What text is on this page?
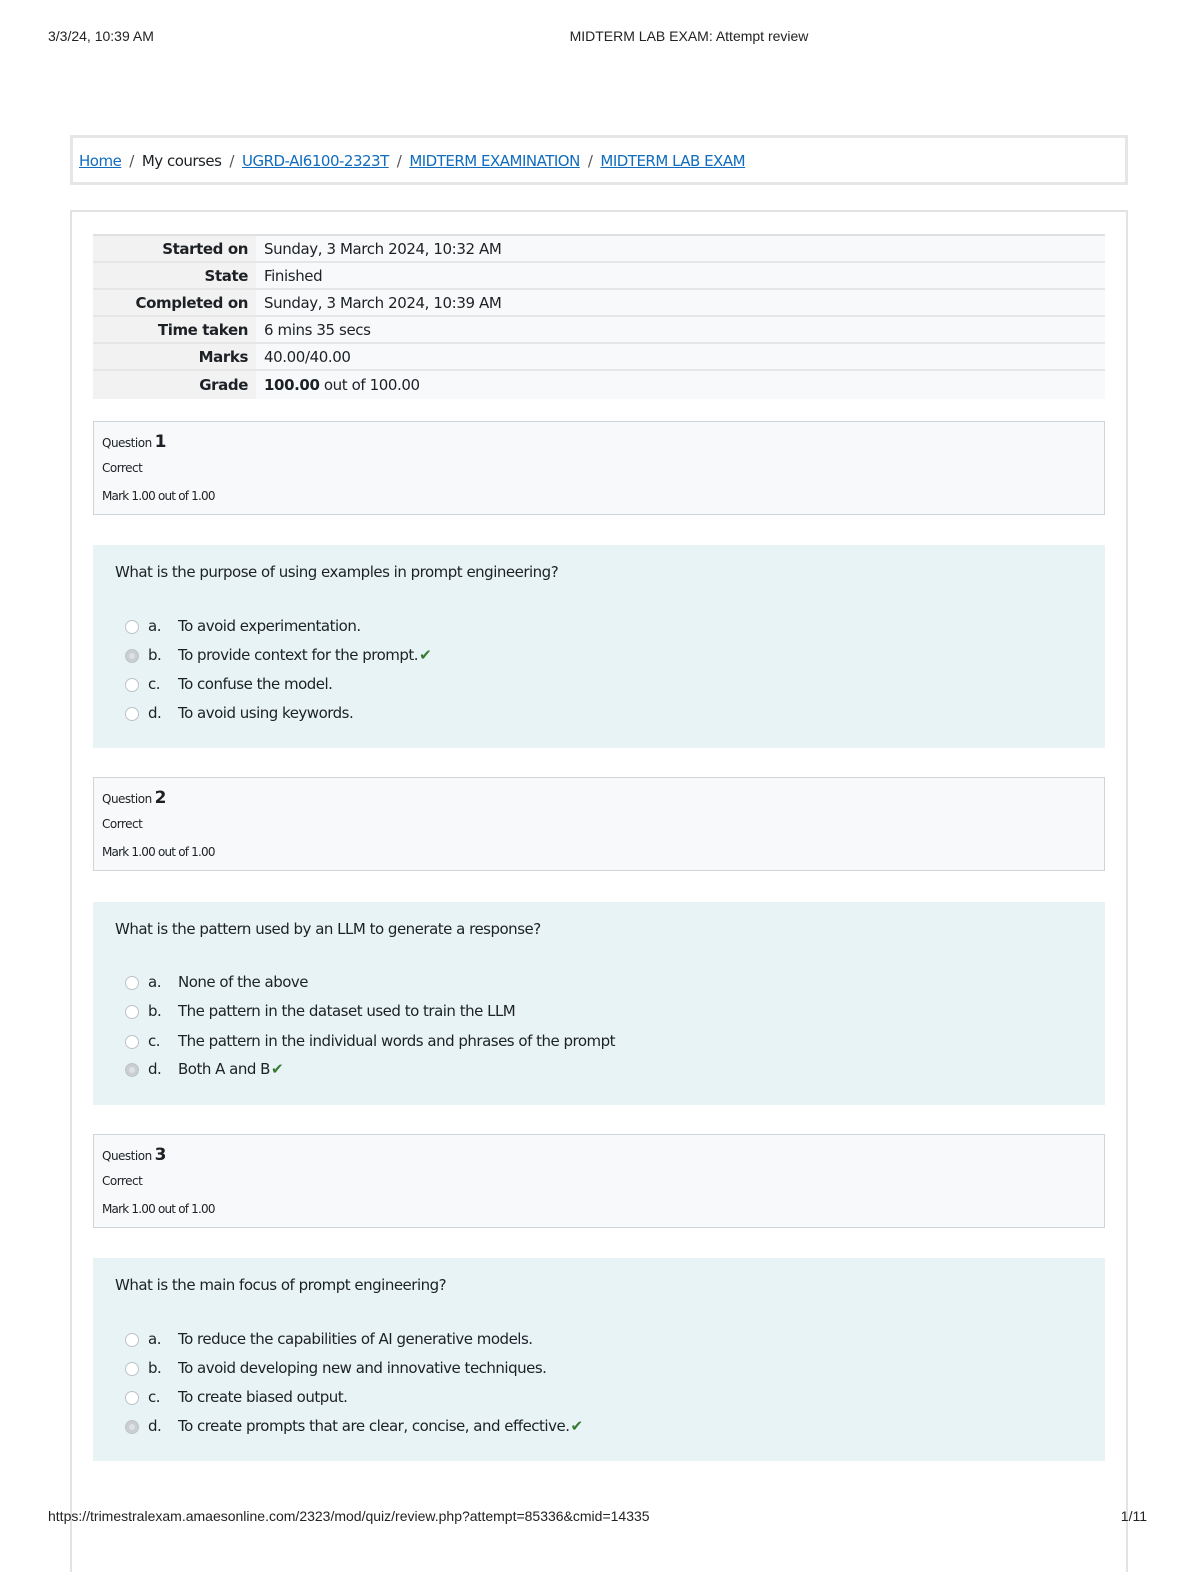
3/3/24, 10:39 AM	MIDTERM LAB EXAM: Attempt review
Home / My courses / UGRD-AI6100-2323T / MIDTERM EXAMINATION / MIDTERM LAB EXAM
Started on	Sunday, 3 March 2024, 10:32 AM
State	Finished
Completed on	Sunday, 3 March 2024, 10:39 AM
Time taken	6 mins 35 secs
Marks	40.00/40.00
Grade	100.00 out of 100.00
Question 1
Correct
Mark 1.00 out of 1.00
What is the purpose of using examples in prompt engineering?
a. To avoid experimentation.
b. To provide context for the prompt.✔
c. To confuse the model.
d. To avoid using keywords.
Question 2
Correct
Mark 1.00 out of 1.00
What is the pattern used by an LLM to generate a response?
a. None of the above
b. The pattern in the dataset used to train the LLM
c. The pattern in the individual words and phrases of the prompt
d. Both A and B✔
Question 3
Correct
Mark 1.00 out of 1.00
What is the main focus of prompt engineering?
a. To reduce the capabilities of AI generative models.
b. To avoid developing new and innovative techniques.
c. To create biased output.
d. To create prompts that are clear, concise, and effective.✔
https://trimestralexam.amaesonline.com/2323/mod/quiz/review.php?attempt=85336&cmid=14335	1/11
